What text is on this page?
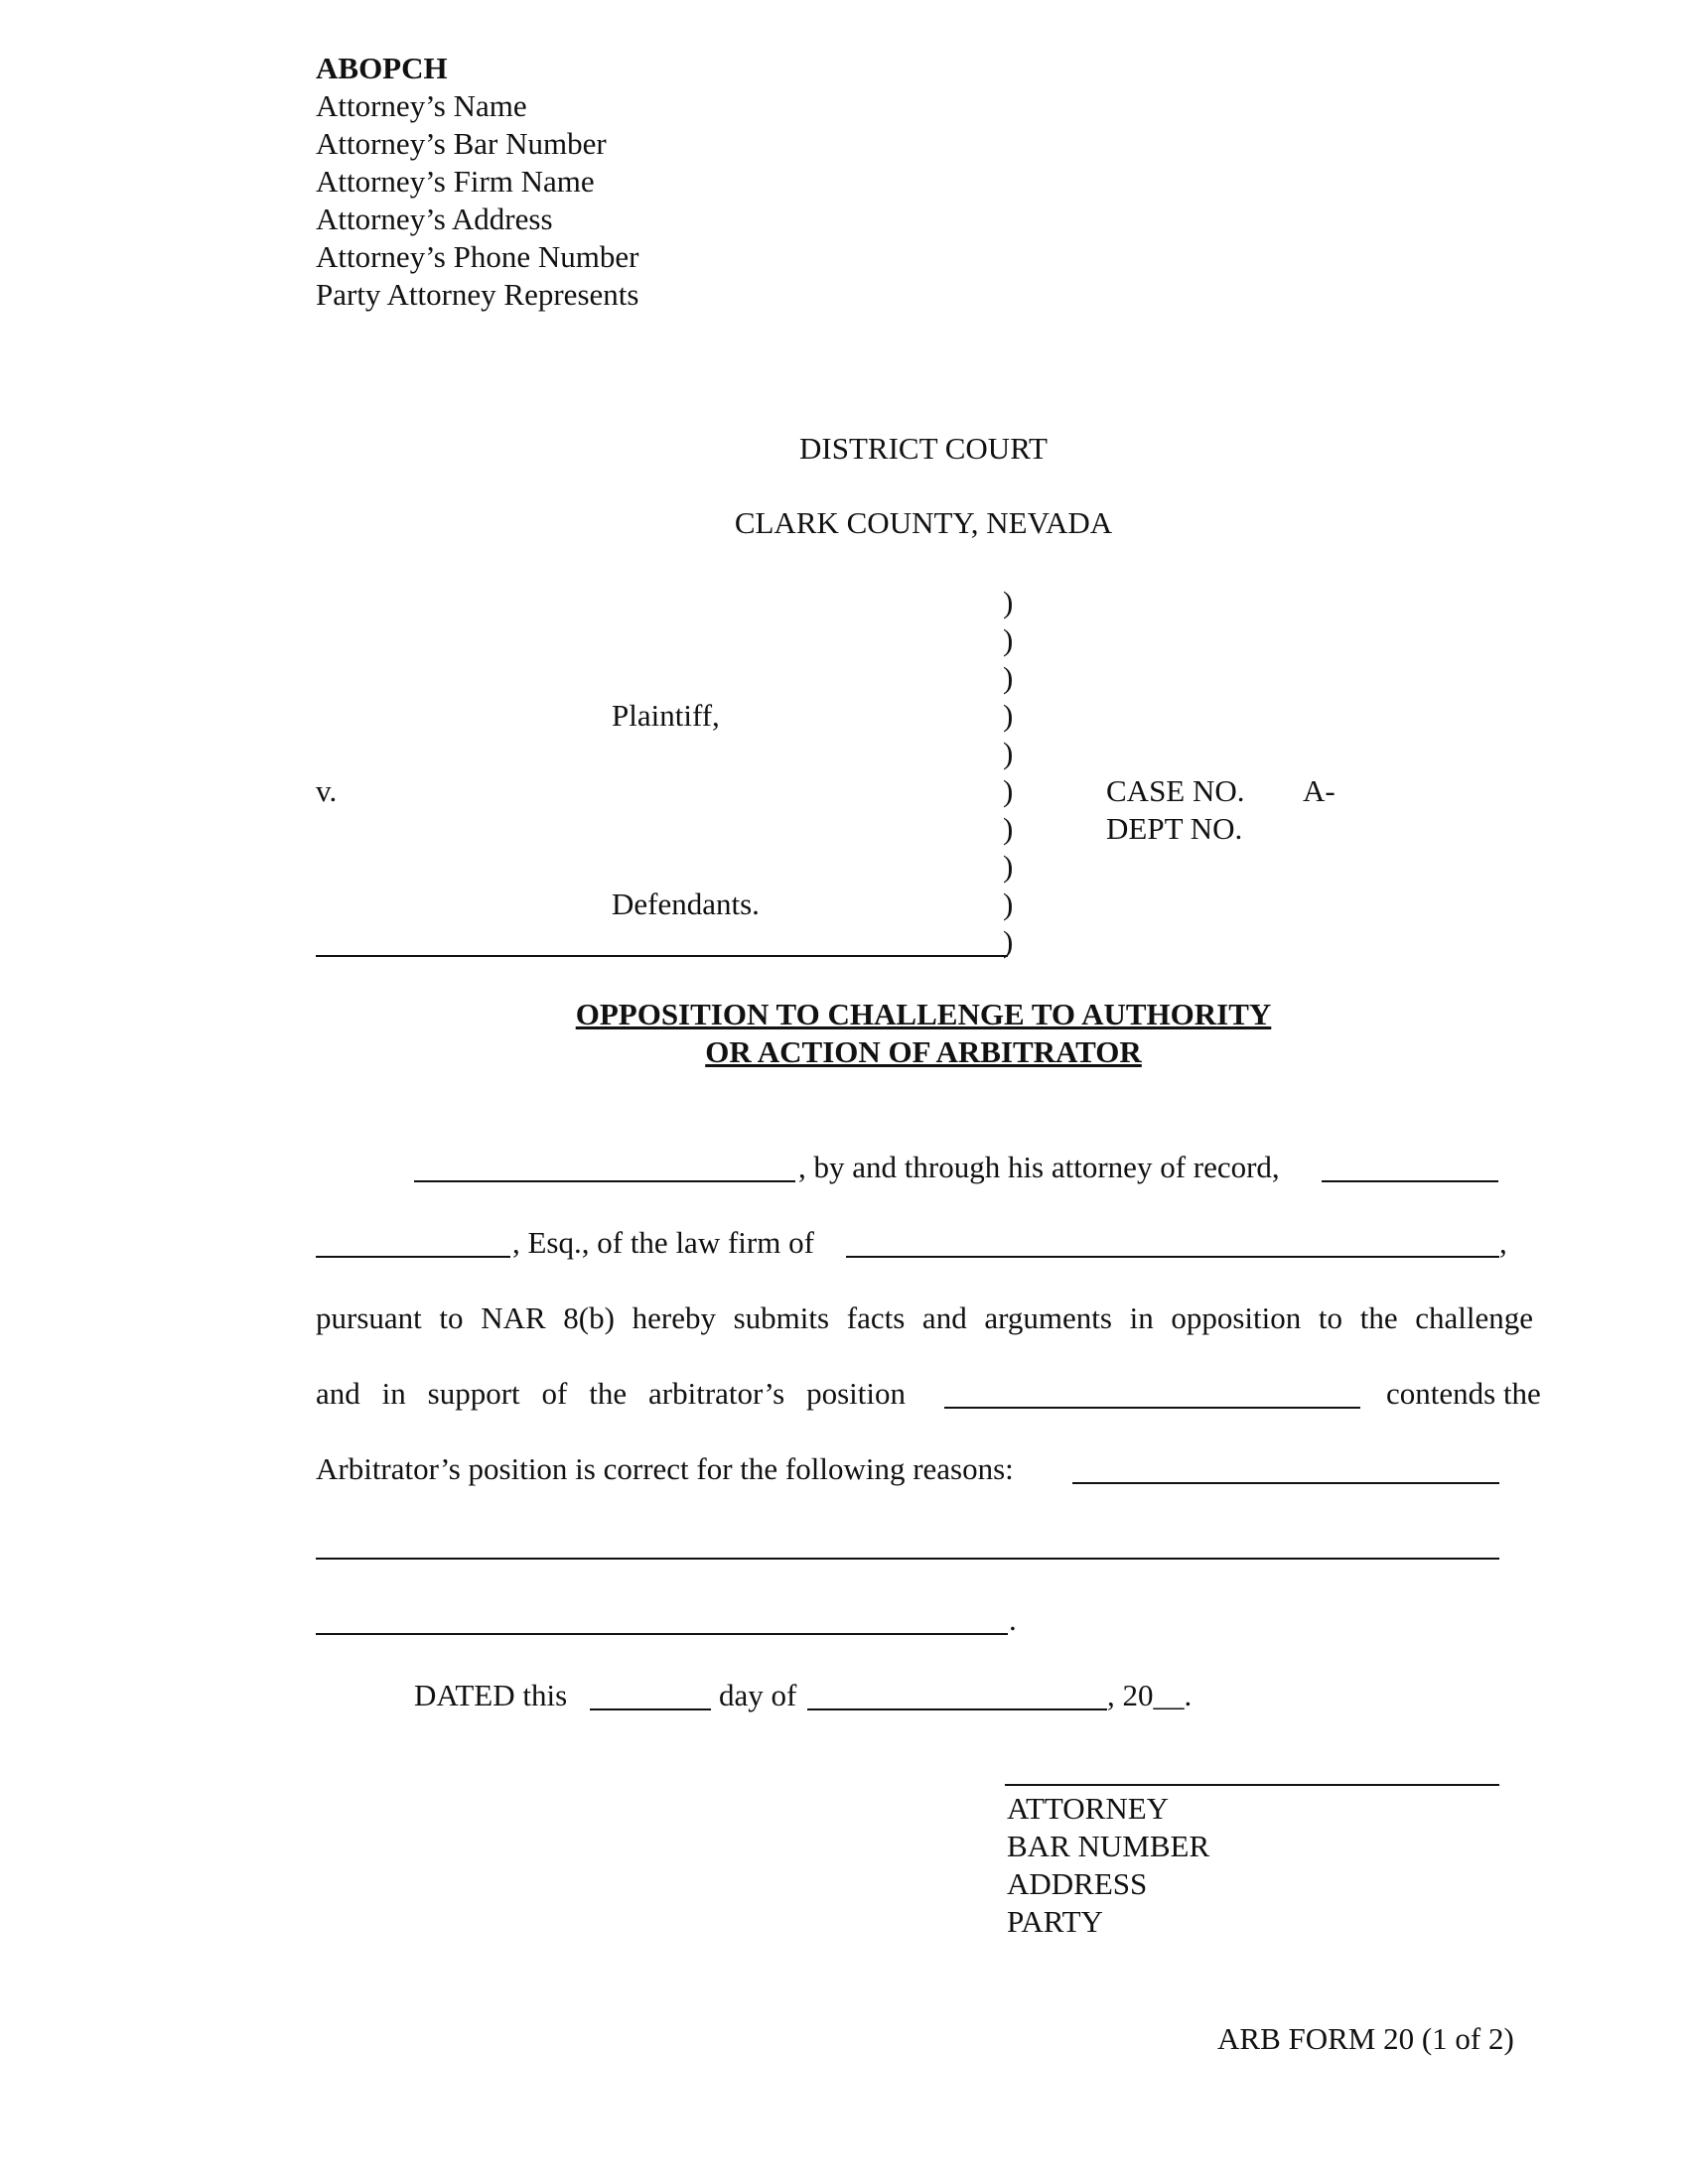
ABOPCH
Attorney’s Name
Attorney’s Bar Number
Attorney’s Firm Name
Attorney’s Address
Attorney’s Phone Number
Party Attorney Represents
DISTRICT COURT
CLARK COUNTY, NEVADA
)
)
)
)
)
)
)
)
)
)
Plaintiff,
v.
Defendants.
CASE NO. A-
DEPT NO.
OPPOSITION TO CHALLENGE TO AUTHORITY
OR ACTION OF ARBITRATOR
, by and through his attorney of record,
, Esq., of the law firm of	,
pursuant to NAR 8(b) hereby submits facts and arguments in opposition to the challenge
and in support of the arbitrator’s position	contends the
Arbitrator’s position is correct for the following reasons:
.
DATED this	day of	, 20__.
ATTORNEY
BAR NUMBER
ADDRESS
PARTY
ARB FORM 20 (1 of 2)
